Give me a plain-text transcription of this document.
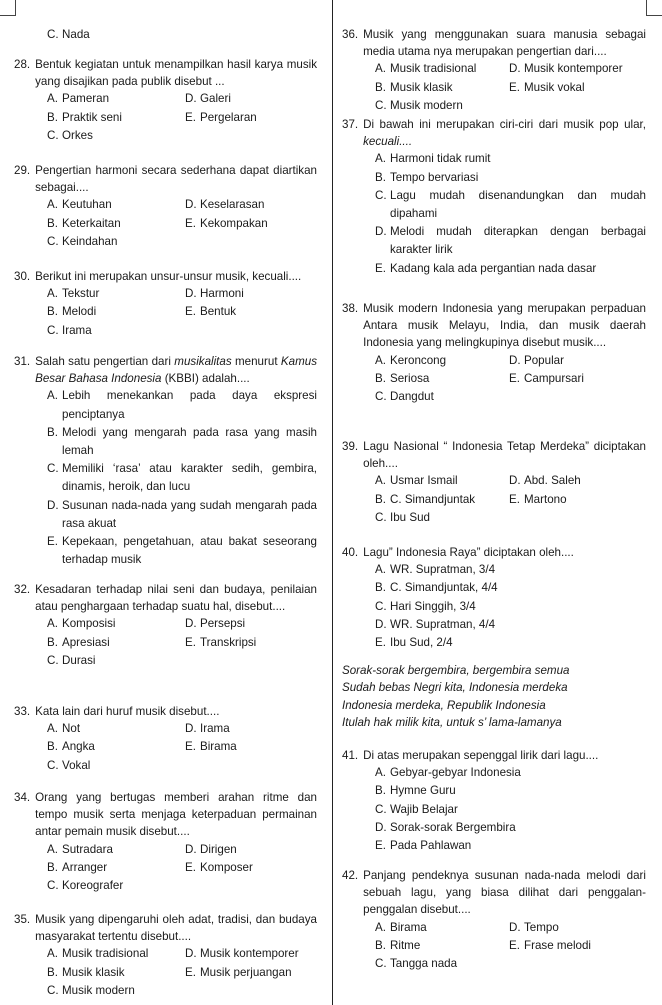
C. Nada
28. Bentuk kegiatan untuk menampilkan hasil karya musik yang disajikan pada publik disebut ...
A. Pameran	D. Galeri
B. Praktik seni	E. Pergelaran
C. Orkes
29. Pengertian harmoni secara sederhana dapat diartikan sebagai....
A. Keutuhan	D. Keselarasan
B. Keterkaitan	E. Kekompakan
C. Keindahan
30. Berikut ini merupakan unsur-unsur musik, kecuali....
A. Tekstur	D. Harmoni
B. Melodi	E. Bentuk
C. Irama
31. Salah satu pengertian dari musikalitas menurut Kamus Besar Bahasa Indonesia (KBBI) adalah....
A. Lebih menekankan pada daya ekspresi penciptanya
B. Melodi yang mengarah pada rasa yang masih lemah
C. Memiliki ‘rasa’ atau karakter sedih, gembira, dinamis, heroik, dan lucu
D. Susunan nada-nada yang sudah mengarah pada rasa akuat
E. Kepekaan, pengetahuan, atau bakat seseorang terhadap musik
32. Kesadaran terhadap nilai seni dan budaya, penilaian atau penghargaan terhadap suatu hal, disebut....
A. Komposisi	D. Persepsi
B. Apresiasi	E. Transkripsi
C. Durasi
33. Kata lain dari huruf musik disebut....
A. Not	D. Irama
B. Angka	E. Birama
C. Vokal
34. Orang yang bertugas memberi arahan ritme dan tempo musik serta menjaga keterpaduan permainan antar pemain musik disebut....
A. Sutradara	D. Dirigen
B. Arranger	E. Komposer
C. Koreografer
35. Musik yang dipengaruhi oleh adat, tradisi, dan budaya masyarakat tertentu disebut....
A. Musik tradisional	D. Musik kontemporer
B. Musik klasik	E. Musik perjuangan
C. Musik modern
36. Musik yang menggunakan suara manusia sebagai media utama nya merupakan pengertian dari....
A. Musik tradisional	D. Musik kontemporer
B. Musik klasik	E. Musik vokal
C. Musik modern
37. Di bawah ini merupakan ciri-ciri dari musik pop ular, kecuali....
A. Harmoni tidak rumit
B. Tempo bervariasi
C. Lagu mudah disenandungkan dan mudah dipahami
D. Melodi mudah diterapkan dengan berbagai karakter lirik
E. Kadang kala ada pergantian nada dasar
38. Musik modern Indonesia yang merupakan perpaduan Antara musik Melayu, India, dan musik daerah Indonesia yang melingkupinya disebut musik....
A. Keroncong	D. Popular
B. Seriosa	E. Campursari
C. Dangdut
39. Lagu Nasional “ Indonesia Tetap Merdeka” diciptakan oleh....
A. Usmar Ismail	D. Abd. Saleh
B. C. Simandjuntak	E. Martono
C. Ibu Sud
40. Lagu” Indonesia Raya” diciptakan oleh....
A. WR. Supratman, 3/4
B. C. Simandjuntak, 4/4
C. Hari Singgih, 3/4
D. WR. Supratman, 4/4
E. Ibu Sud, 2/4
Sorak-sorak bergembira, bergembira semua
Sudah bebas Negri kita, Indonesia merdeka
Indonesia merdeka, Republik Indonesia
Itulah hak milik kita, untuk s’ lama-lamanya
41. Di atas merupakan sepenggal lirik dari lagu....
A. Gebyar-gebyar Indonesia
B. Hymne Guru
C. Wajib Belajar
D. Sorak-sorak Bergembira
E. Pada Pahlawan
42. Panjang pendeknya susunan nada-nada melodi dari sebuah lagu, yang biasa dilihat dari penggalan-penggalan disebut....
A. Birama	D. Tempo
B. Ritme	E. Frase melodi
C. Tangga nada
